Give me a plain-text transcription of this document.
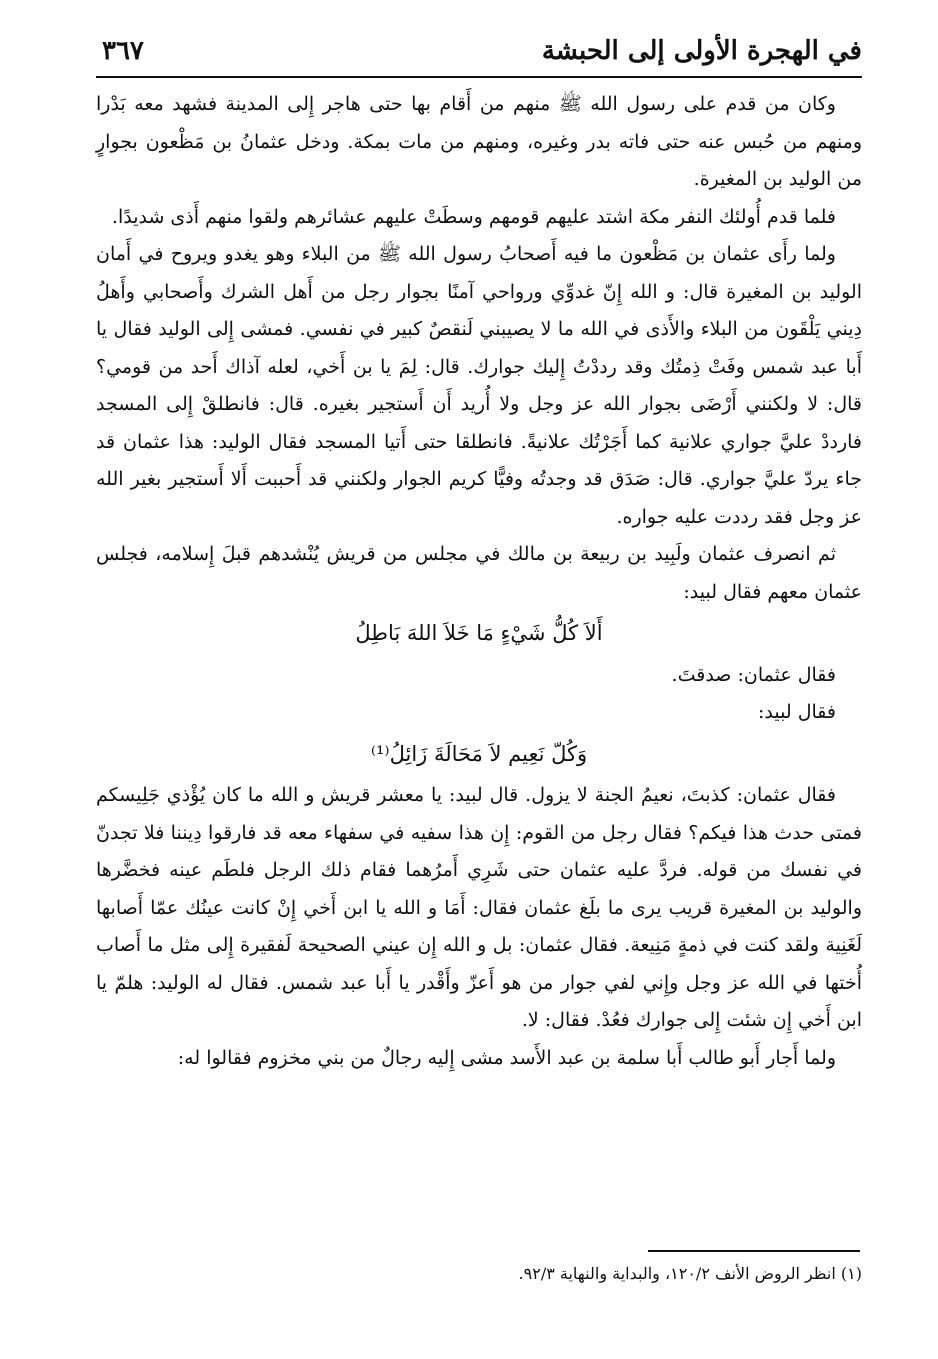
في الهجرة الأولى إلى الحبشة
٣٦٧

وكان من قدم على رسول الله ﷺ منهم من أَقام بها حتى هاجر إِلى المدينة فشهد معه بَدْرا ومنهم من حُبس عنه حتى فاته بدر وغيره، ومنهم من مات بمكة. ودخل عثمانُ بن مَظْعون بجوارٍ من الوليد بن المغيرة.

فلما قدم أُولئك النفر مكة اشتد عليهم قومهم وسطَتْ عليهم عشائرهم ولقوا منهم أَذى شديدًا.

ولما رأَى عثمان بن مَظْعون ما فيه أَصحابُ رسول الله ﷺ من البلاء وهو يغدو ويروح في أَمان الوليد بن المغيرة قال: و الله إِنّ غدوِّي ورواحي آمنًا بجوار رجل من أَهل الشرك وأَصحابي وأَهلُ دِيني يَلْقَون من البلاء والأَذى في الله ما لا يصيبني لَنقصٌ كبير في نفسي. فمشى إِلى الوليد فقال يا أَبا عبد شمس وفَتْ ذِمتُك وقد رددْتُ إِليك جوارك. قال: لِمَ يا بن أَخي، لعله آذاك أَحد من قومي؟ قال: لا ولكنني أَرْضَى بجوار الله عز وجل ولا أُريد أَن أَستجير بغيره. قال: فانطلقْ إِلى المسجد فارددْ عليَّ جواري علانية كما أَجَرْتُك علانيةً. فانطلقا حتى أَتيا المسجد فقال الوليد: هذا عثمان قد جاء يردّ عليَّ جواري. قال: صَدَق قد وجدتُه وفيًّا كريم الجوار ولكنني قد أَحببت أَلا أَستجير بغير الله عز وجل فقد رددت عليه جواره.

ثم انصرف عثمان ولَبِيد بن ربيعة بن مالك في مجلس من قريش يُنْشدهم قبلَ إِسلامه، فجلس عثمان معهم فقال لبيد:

أَلاَ كُلُّ شَيْءٍ مَا خَلاَ اللهَ بَاطِلُ

فقال عثمان: صدقتَ.

فقال لبيد:

وَكُلّ نَعِيم لاَ مَحَالَةَ زَائِلُ⁽¹⁾

فقال عثمان: كذبتَ، نعيمُ الجنة لا يزول. قال لبيد: يا معشر قريش و الله ما كان يُؤْذي جَلِيسكم فمتى حدث هذا فيكم؟ فقال رجل من القوم: إِن هذا سفيه في سفهاء معه قد فارقوا دِيننا فلا تجدنّ في نفسك من قوله. فردَّ عليه عثمان حتى شَرِي أَمرُهما فقام ذلك الرجل فلطَم عينه فخضَّرها والوليد بن المغيرة قريب يرى ما بلَغ عثمان فقال: أَمَا و الله يا ابن أَخي إِنْ كانت عينُك عمّا أَصابها لَغَنِية ولقد كنت في ذمةٍ مَنِيعة. فقال عثمان: بل و الله إِن عيني الصحيحة لَفقيرة إِلى مثل ما أَصاب أُختها في الله عز وجل وإِني لفي جوار من هو أَعزّ وأَقْدر يا أَبا عبد شمس. فقال له الوليد: هلمّ يا ابن أَخي إِن شئت إِلى جوارك فعُدْ. فقال: لا.

ولما أَجار أَبو طالب أَبا سلمة بن عبد الأَسد مشى إِليه رجالٌ من بني مخزوم فقالوا له:

(١) انظر الروض الأنف ١٢٠/٢، والبداية والنهاية ٩٢/٣.
